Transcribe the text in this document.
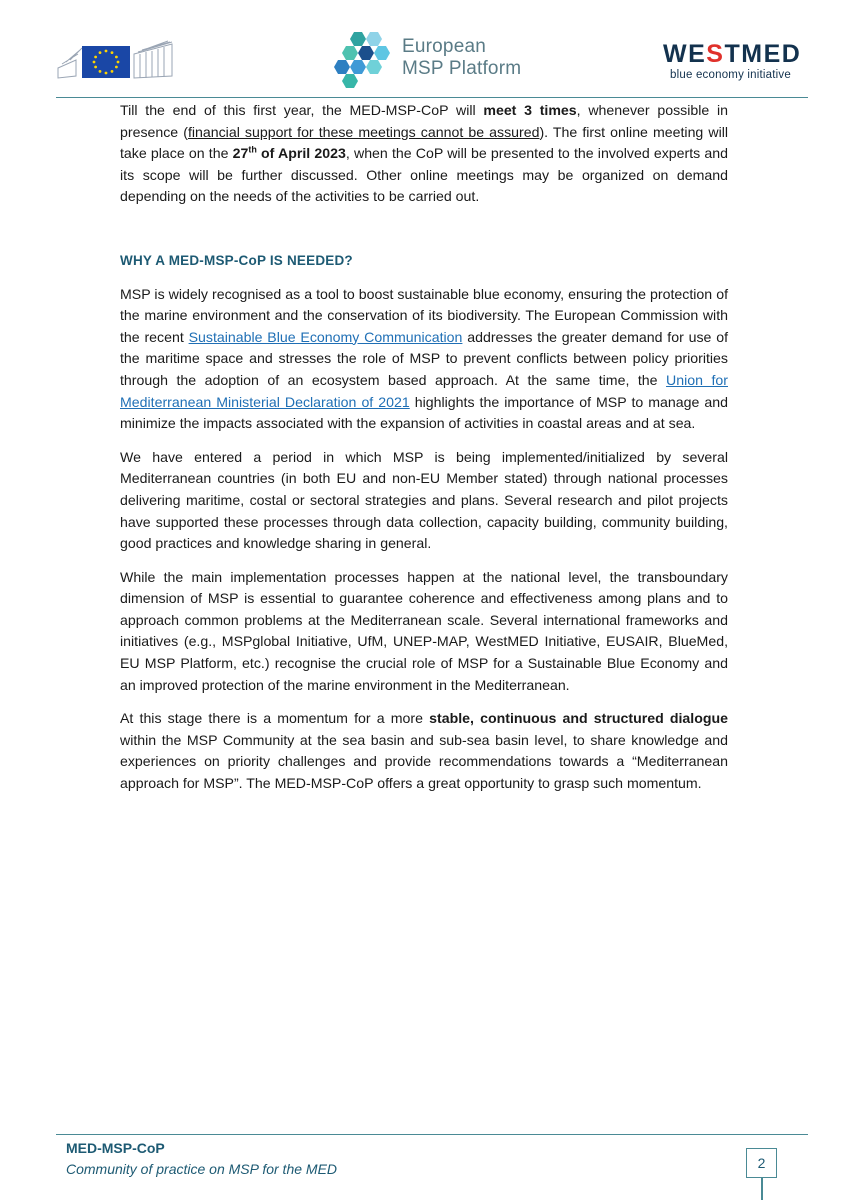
European
MSP Platform
WESTMED
blue economy initiative

Till the end of this first year, the MED-MSP-CoP will meet 3 times, whenever possible in presence (financial support for these meetings cannot be assured). The first online meeting will take place on the 27th of April 2023, when the CoP will be presented to the involved experts and its scope will be further discussed. Other online meetings may be organized on demand depending on the needs of the activities to be carried out.

WHY A MED-MSP-CoP IS NEEDED?

MSP is widely recognised as a tool to boost sustainable blue economy, ensuring the protection of the marine environment and the conservation of its biodiversity. The European Commission with the recent Sustainable Blue Economy Communication addresses the greater demand for use of the maritime space and stresses the role of MSP to prevent conflicts between policy priorities through the adoption of an ecosystem based approach. At the same time, the Union for Mediterranean Ministerial Declaration of 2021 highlights the importance of MSP to manage and minimize the impacts associated with the expansion of activities in coastal areas and at sea.

We have entered a period in which MSP is being implemented/initialized by several Mediterranean countries (in both EU and non-EU Member stated) through national processes delivering maritime, costal or sectoral strategies and plans. Several research and pilot projects have supported these processes through data collection, capacity building, community building, good practices and knowledge sharing in general.

While the main implementation processes happen at the national level, the transboundary dimension of MSP is essential to guarantee coherence and effectiveness among plans and to approach common problems at the Mediterranean scale. Several international frameworks and initiatives (e.g., MSPglobal Initiative, UfM, UNEP-MAP, WestMED Initiative, EUSAIR, BlueMed, EU MSP Platform, etc.) recognise the crucial role of MSP for a Sustainable Blue Economy and an improved protection of the marine environment in the Mediterranean.

At this stage there is a momentum for a more stable, continuous and structured dialogue within the MSP Community at the sea basin and sub-sea basin level, to share knowledge and experiences on priority challenges and provide recommendations towards a “Mediterranean approach for MSP”. The MED-MSP-CoP offers a great opportunity to grasp such momentum.

MED-MSP-CoP
Community of practice on MSP for the MED	2
